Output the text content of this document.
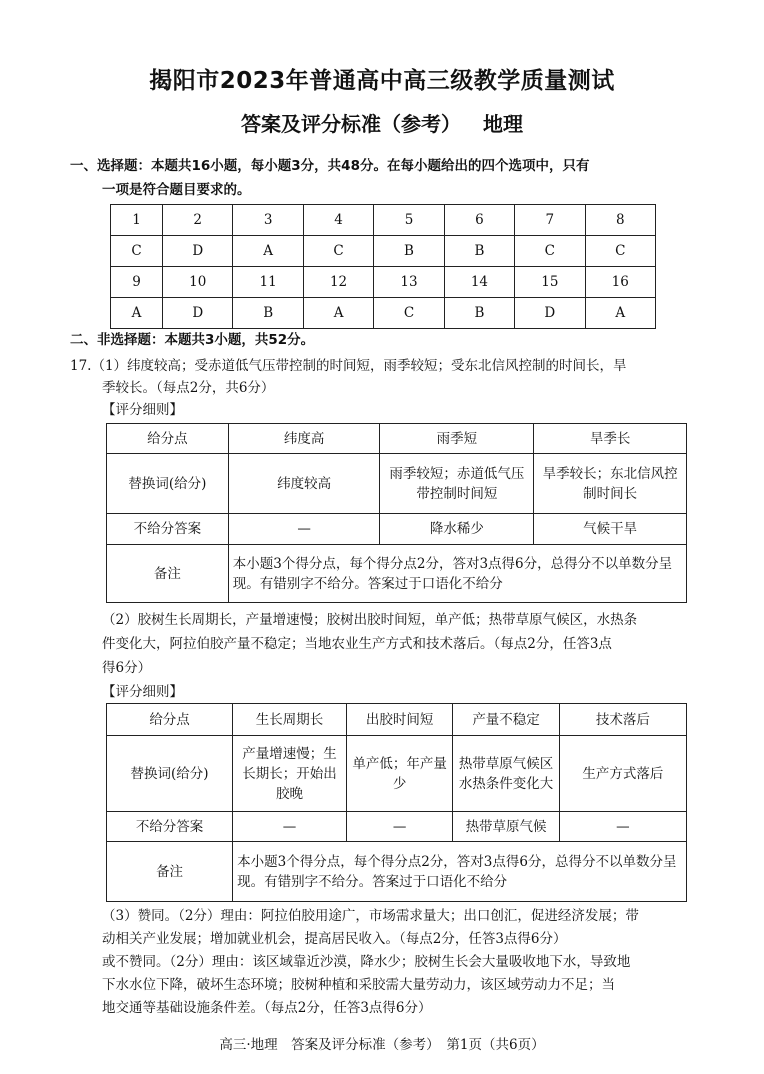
揭阳市2023年普通高中高三级教学质量测试
答案及评分标准（参考） 地理
一、选择题：本题共16小题，每小题3分，共48分。在每小题给出的四个选项中，只有
一项是符合题目要求的。
1	2	3	4	5	6	7	8
C	D	A	C	B	B	C	C
9	10	11	12	13	14	15	16
A	D	B	A	C	B	D	A
二、非选择题：本题共3小题，共52分。
17.（1）纬度较高；受赤道低气压带控制的时间短，雨季较短；受东北信风控制的时间长，旱
季较长。（每点2分，共6分）
【评分细则】
给分点	纬度高	雨季短	旱季长
替换词(给分)	纬度较高	雨季较短；赤道低气压带控制时间短	旱季较长；东北信风控制时间长
不给分答案	—	降水稀少	气候干旱
备注	本小题3个得分点，每个得分点2分，答对3点得6分，总得分不以单数分呈现。有错别字不给分。答案过于口语化不给分		
（2）胶树生长周期长，产量增速慢；胶树出胶时间短，单产低；热带草原气候区，水热条
件变化大，阿拉伯胶产量不稳定；当地农业生产方式和技术落后。（每点2分，任答3点
得6分）
【评分细则】
给分点	生长周期长	出胶时间短	产量不稳定	技术落后
替换词(给分)	产量增速慢；生长期长；开始出胶晚	单产低；年产量少	热带草原气候区水热条件变化大	生产方式落后
不给分答案	—	—	热带草原气候	—
备注	本小题3个得分点，每个得分点2分，答对3点得6分，总得分不以单数分呈现。有错别字不给分。答案过于口语化不给分			
（3）赞同。（2分）理由：阿拉伯胶用途广，市场需求量大；出口创汇，促进经济发展；带
动相关产业发展；增加就业机会，提高居民收入。（每点2分，任答3点得6分）
或不赞同。（2分）理由：该区域靠近沙漠，降水少；胶树生长会大量吸收地下水，导致地
下水水位下降，破坏生态环境；胶树种植和采胶需大量劳动力，该区域劳动力不足；当
地交通等基础设施条件差。（每点2分，任答3点得6分）
高三·地理　答案及评分标准（参考）　第1页（共6页）
